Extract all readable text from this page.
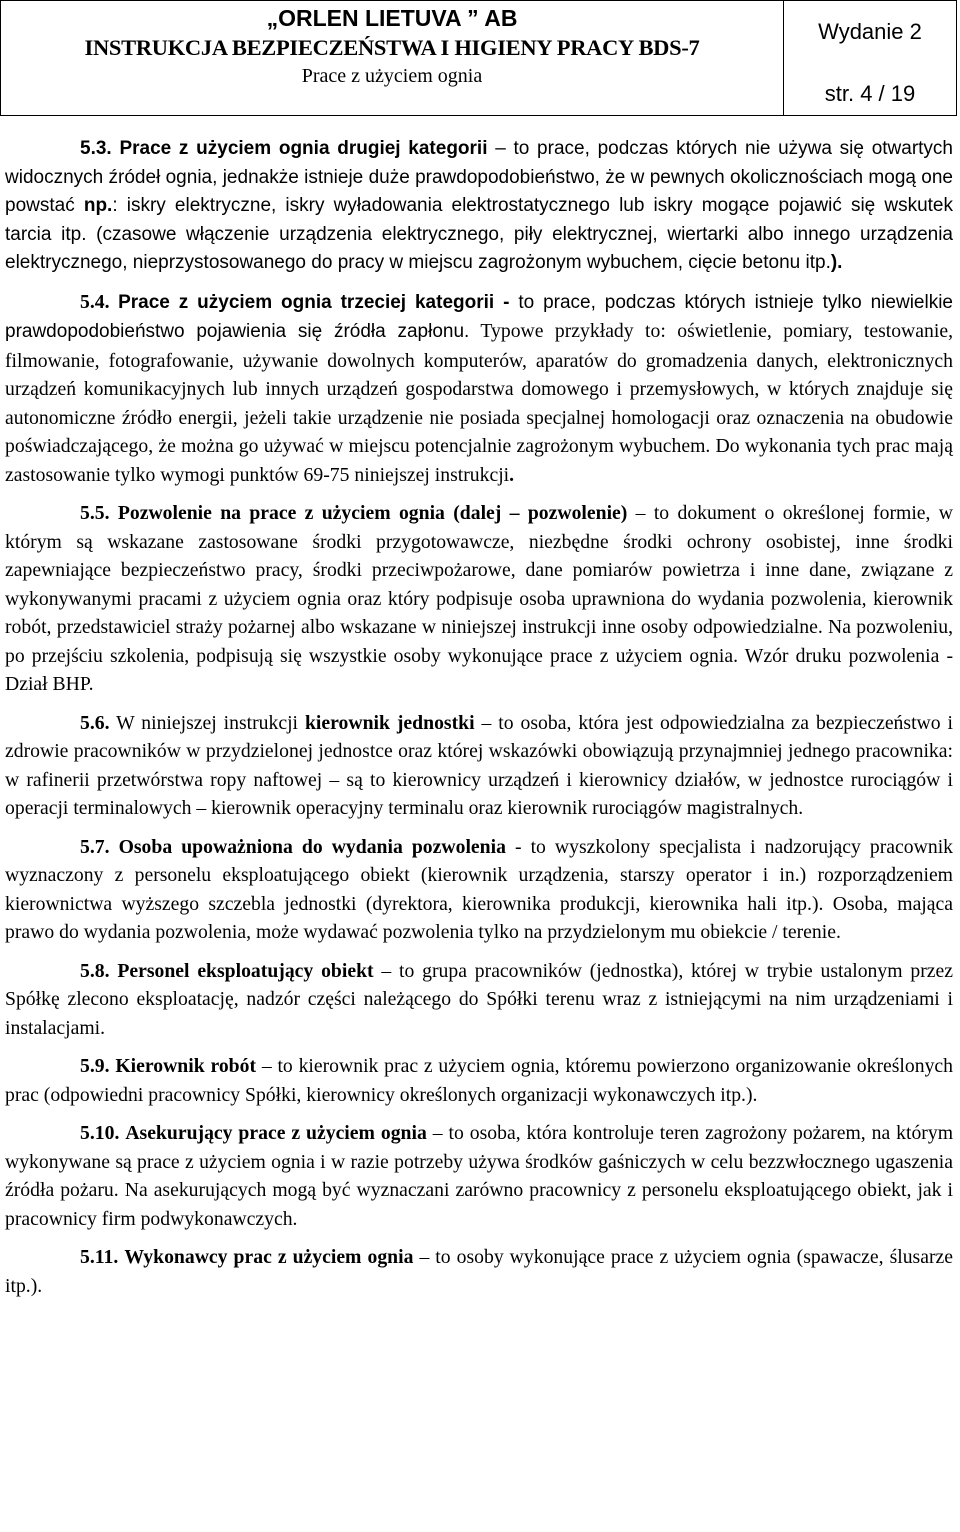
„ORLEN LIETUVA ” AB
INSTRUKCJA BEZPIECZEŃSTWA I HIGIENY PRACY BDS-7
Prace z użyciem ognia
Wydanie 2
str. 4 / 19

5.3. Prace z użyciem ognia drugiej kategorii – to prace, podczas których nie używa się otwartych widocznych źródeł ognia, jednakże istnieje duże prawdopodobieństwo, że w pewnych okolicznościach mogą one powstać np.: iskry elektryczne, iskry wyładowania elektrostatycznego lub iskry mogące pojawić się wskutek tarcia itp. (czasowe włączenie urządzenia elektrycznego, piły elektrycznej, wiertarki albo innego urządzenia elektrycznego, nieprzystosowanego do pracy w miejscu zagrożonym wybuchem, cięcie betonu itp.).

5.4. Prace z użyciem ognia trzeciej kategorii - to prace, podczas których istnieje tylko niewielkie prawdopodobieństwo pojawienia się źródła zapłonu. Typowe przykłady to: oświetlenie, pomiary, testowanie, filmowanie, fotografowanie, używanie dowolnych komputerów, aparatów do gromadzenia danych, elektronicznych urządzeń komunikacyjnych lub innych urządzeń gospodarstwa domowego i przemysłowych, w których znajduje się autonomiczne źródło energii, jeżeli takie urządzenie nie posiada specjalnej homologacji oraz oznaczenia na obudowie poświadczającego, że można go używać w miejscu potencjalnie zagrożonym wybuchem. Do wykonania tych prac mają zastosowanie tylko wymogi punktów 69-75 niniejszej instrukcji.

5.5. Pozwolenie na prace z użyciem ognia (dalej – pozwolenie) – to dokument o określonej formie, w którym są wskazane zastosowane środki przygotowawcze, niezbędne środki ochrony osobistej, inne środki zapewniające bezpieczeństwo pracy, środki przeciwpożarowe, dane pomiarów powietrza i inne dane, związane z wykonywanymi pracami z użyciem ognia oraz który podpisuje osoba uprawniona do wydania pozwolenia, kierownik robót, przedstawiciel straży pożarnej albo wskazane w niniejszej instrukcji inne osoby odpowiedzialne. Na pozwoleniu, po przejściu szkolenia, podpisują się wszystkie osoby wykonujące prace z użyciem ognia. Wzór druku pozwolenia - Dział BHP.

5.6. W niniejszej instrukcji kierownik jednostki – to osoba, która jest odpowiedzialna za bezpieczeństwo i zdrowie pracowników w przydzielonej jednostce oraz której wskazówki obowiązują przynajmniej jednego pracownika: w rafinerii przetwórstwa ropy naftowej – są to kierownicy urządzeń i kierownicy działów, w jednostce rurociągów i operacji terminalowych – kierownik operacyjny terminalu oraz kierownik rurociągów magistralnych.

5.7. Osoba upoważniona do wydania pozwolenia - to wyszkolony specjalista i nadzorujący pracownik wyznaczony z personelu eksploatującego obiekt (kierownik urządzenia, starszy operator i in.) rozporządzeniem kierownictwa wyższego szczebla jednostki (dyrektora, kierownika produkcji, kierownika hali itp.). Osoba, mająca prawo do wydania pozwolenia, może wydawać pozwolenia tylko na przydzielonym mu obiekcie / terenie.

5.8. Personel eksploatujący obiekt – to grupa pracowników (jednostka), której w trybie ustalonym przez Spółkę zlecono eksploatację, nadzór części należącego do Spółki terenu wraz z istniejącymi na nim urządzeniami i instalacjami.

5.9. Kierownik robót – to kierownik prac z użyciem ognia, któremu powierzono organizowanie określonych prac (odpowiedni pracownicy Spółki, kierownicy określonych organizacji wykonawczych itp.).

5.10. Asekurujący prace z użyciem ognia – to osoba, która kontroluje teren zagrożony pożarem, na którym wykonywane są prace z użyciem ognia i w razie potrzeby używa środków gaśniczych w celu bezzwłocznego ugaszenia źródła pożaru. Na asekurujących mogą być wyznaczani zarówno pracownicy z personelu eksploatującego obiekt, jak i pracownicy firm podwykonawczych.

5.11. Wykonawcy prac z użyciem ognia – to osoby wykonujące prace z użyciem ognia (spawacze, ślusarze itp.).
